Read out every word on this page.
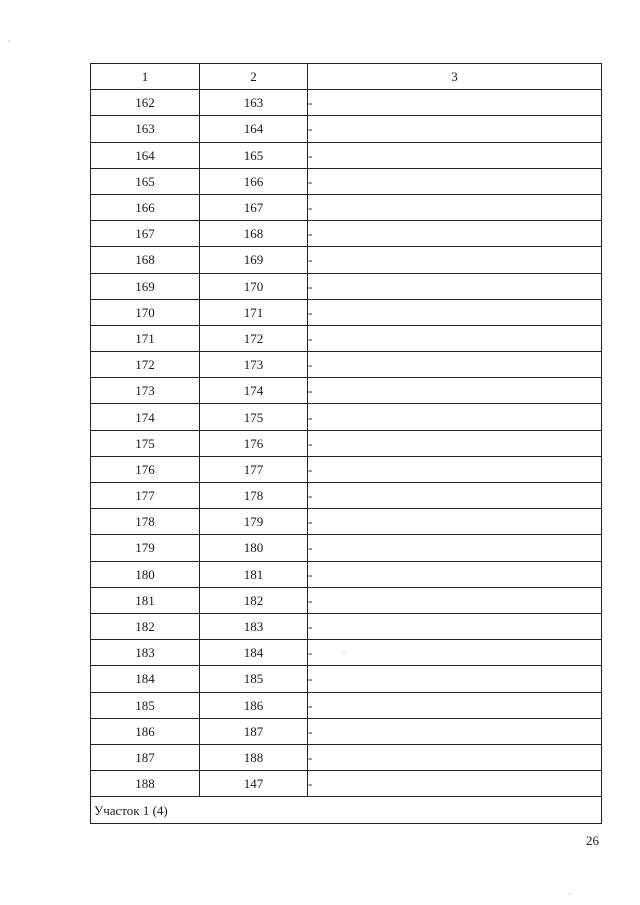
1	2	3
162	163	-
163	164	-
164	165	-
165	166	-
166	167	-
167	168	-
168	169	-
169	170	-
170	171	-
171	172	-
172	173	-
173	174	-
174	175	-
175	176	-
176	177	-
177	178	-
178	179	-
179	180	-
180	181	-
181	182	-
182	183	-
183	184	-
184	185	-
185	186	-
186	187	-
187	188	-
188	147	-
Участок 1 (4)		
26
